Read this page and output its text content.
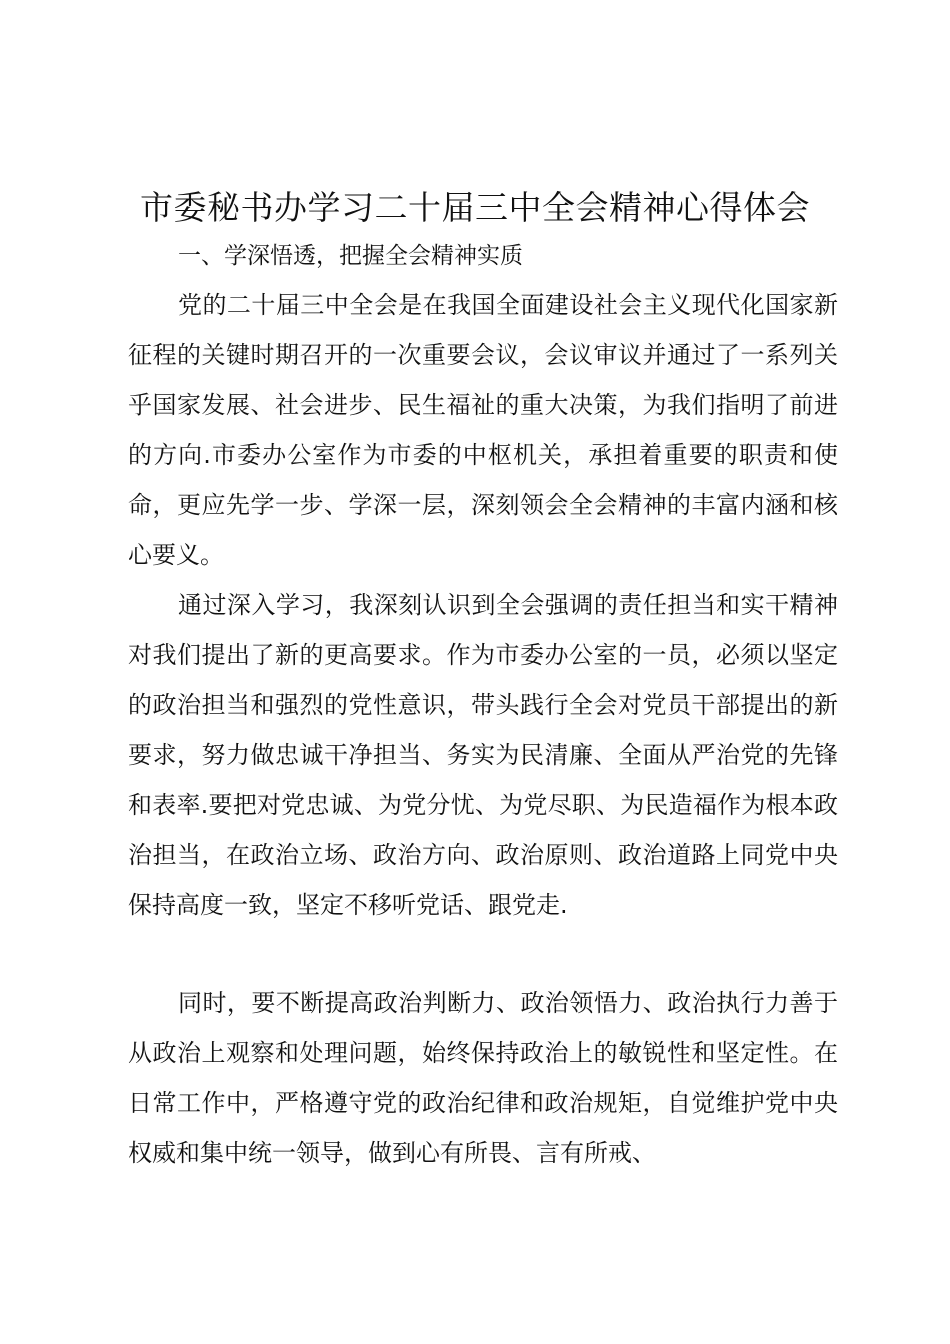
市委秘书办学习二十届三中全会精神心得体会
一、学深悟透，把握全会精神实质

党的二十届三中全会是在我国全面建设社会主义现代化国家新征程的关键时期召开的一次重要会议，会议审议并通过了一系列关乎国家发展、社会进步、民生福祉的重大决策，为我们指明了前进的方向.市委办公室作为市委的中枢机关，承担着重要的职责和使命，更应先学一步、学深一层，深刻领会全会精神的丰富内涵和核心要义。

通过深入学习，我深刻认识到全会强调的责任担当和实干精神对我们提出了新的更高要求。作为市委办公室的一员，必须以坚定的政治担当和强烈的党性意识，带头践行全会对党员干部提出的新要求，努力做忠诚干净担当、务实为民清廉、全面从严治党的先锋和表率.要把对党忠诚、为党分忧、为党尽职、为民造福作为根本政治担当，在政治立场、政治方向、政治原则、政治道路上同党中央保持高度一致，坚定不移听党话、跟党走.

同时，要不断提高政治判断力、政治领悟力、政治执行力善于从政治上观察和处理问题，始终保持政治上的敏锐性和坚定性。在日常工作中，严格遵守党的政治纪律和政治规矩，自觉维护党中央权威和集中统一领导，做到心有所畏、言有所戒、
